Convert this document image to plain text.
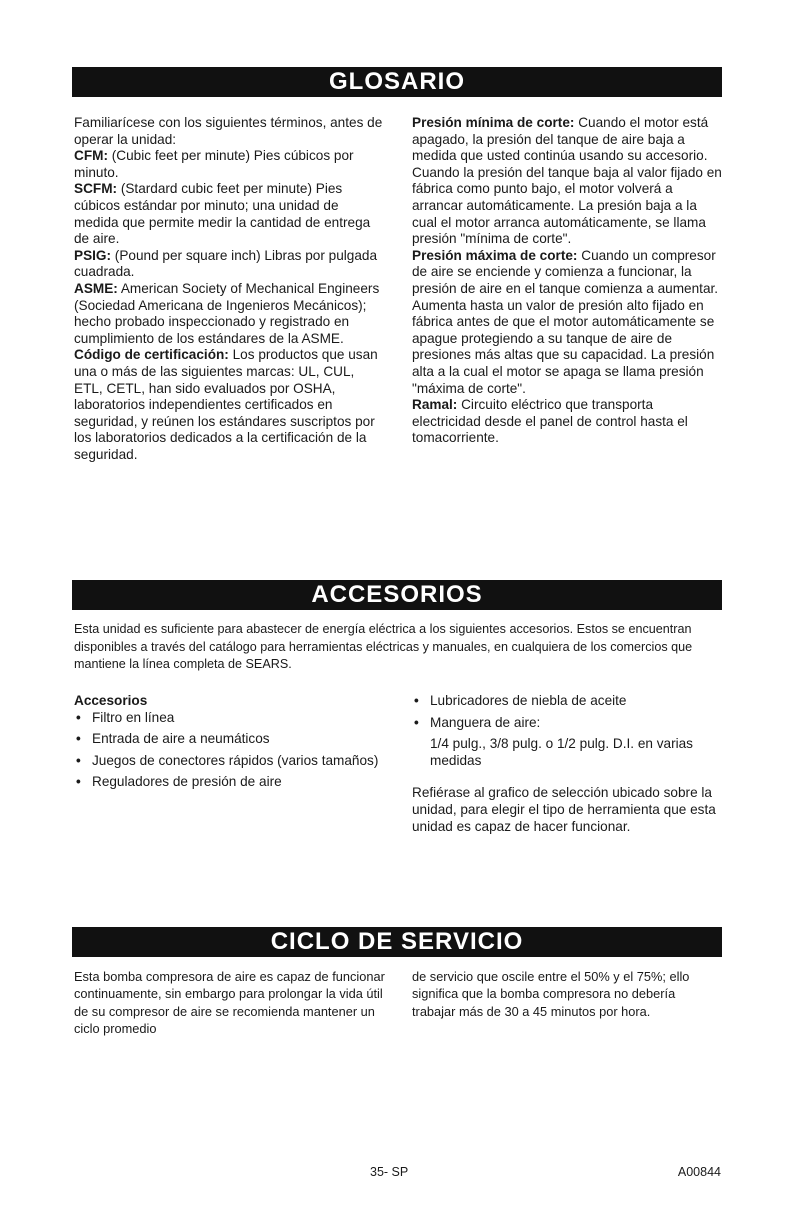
GLOSARIO

Familiarícese con los siguientes términos, antes de operar la unidad:

CFM: (Cubic feet per minute) Pies cúbicos por minuto.

SCFM: (Stardard cubic feet per minute) Pies cúbicos estándar por minuto; una unidad de medida que permite medir la cantidad de entrega de aire.

PSIG: (Pound per square inch) Libras por pulgada cuadrada.

ASME: American Society of Mechanical Engineers (Sociedad Americana de Ingenieros Mecánicos); hecho probado inspeccionado y registrado en cumplimiento de los estándares de la ASME.

Código de certificación: Los productos que usan una o más de las siguientes marcas: UL, CUL, ETL, CETL, han sido evaluados por OSHA, laboratorios independientes certificados en seguridad, y reúnen los estándares suscriptos por los laboratorios dedicados a la certificación de la seguridad.

Presión mínima de corte: Cuando el motor está apagado, la presión del tanque de aire baja a medida que usted continúa usando su accesorio. Cuando la presión del tanque baja al valor fijado en fábrica como punto bajo, el motor volverá a arrancar automáticamente. La presión baja a la cual el motor arranca automáticamente, se llama presión "mínima de corte".

Presión máxima de corte: Cuando un compresor de aire se enciende y comienza a funcionar, la presión de aire en el tanque comienza a aumentar. Aumenta hasta un valor de presión alto fijado en fábrica antes de que el motor automáticamente se apague protegiendo a su tanque de aire de presiones más altas que su capacidad. La presión alta a la cual el motor se apaga se llama presión "máxima de corte".

Ramal: Circuito eléctrico que transporta electricidad desde el panel de control hasta el tomacorriente.

ACCESORIOS

Esta unidad es suficiente para abastecer de energía eléctrica a los siguientes accesorios. Estos se encuentran disponibles a través del catálogo para herramientas eléctricas y manuales, en cualquiera de los comercios que mantiene la línea completa de SEARS.

Accesorios

• Filtro en línea
• Entrada de aire a neumáticos
• Juegos de conectores rápidos (varios tamaños)
• Reguladores de presión de aire
• Lubricadores de niebla de aceite
• Manguera de aire:

1/4 pulg., 3/8 pulg. o 1/2 pulg. D.I. en varias medidas

Refiérase al grafico de selección ubicado sobre la unidad, para elegir el tipo de herramienta que esta unidad es capaz de hacer funcionar.

CICLO DE SERVICIO

Esta bomba compresora de aire es capaz de funcionar continuamente, sin embargo para prolongar la vida útil de su compresor de aire se recomienda mantener un ciclo promedio

de servicio que oscile entre el 50% y el 75%; ello significa que la bomba compresora no debería trabajar más de 30 a 45 minutos por hora.

35- SP	A00844
